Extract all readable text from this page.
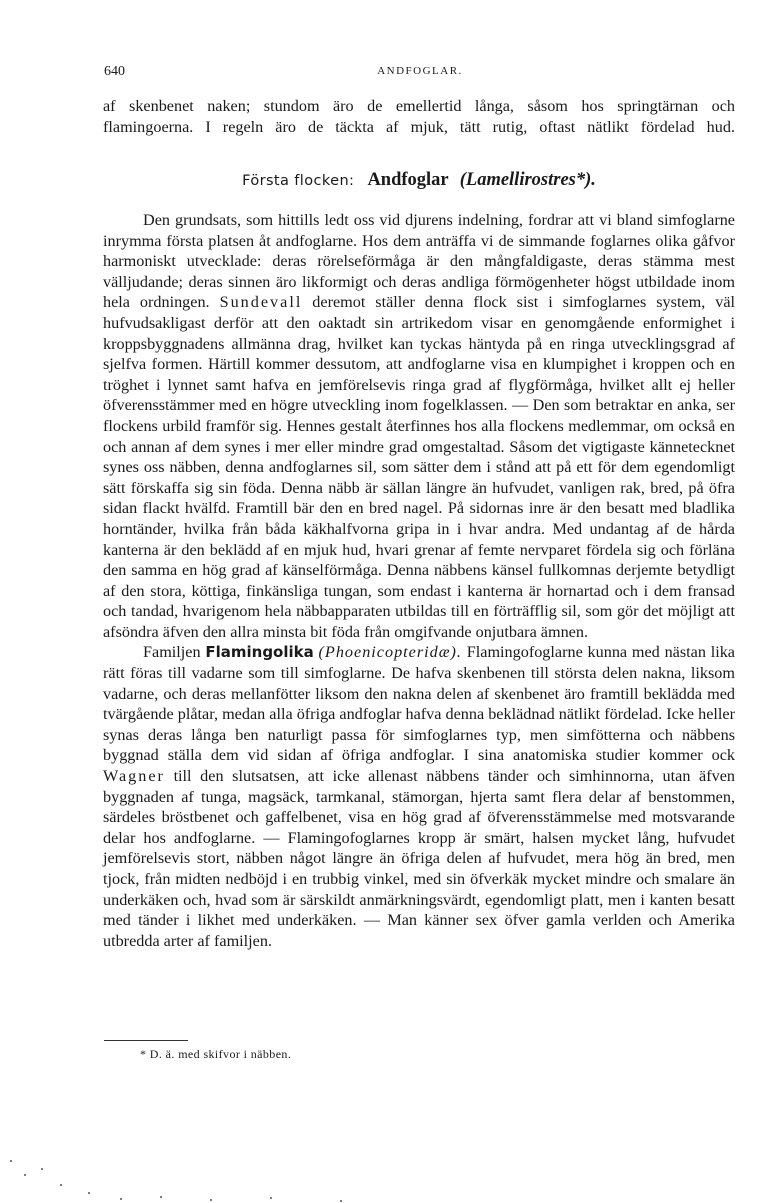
640	ANDFOGLAR.

af skenbenet naken; stundom äro de emellertid långa, såsom hos springtärnan och

flamingoerna. I regeln äro de täckta af mjuk, tätt rutig, oftast nätlikt fördelad hud.

Första flocken: Andfoglar (Lamellirostres*).

Den grundsats, som hittills ledt oss vid djurens indelning, fordrar att vi bland simfoglarne inrymma första platsen åt andfoglarne. Hos dem anträffa vi de simmande foglarnes olika gåfvor harmoniskt utvecklade: deras rörelseförmåga är den mångfaldigaste, deras stämma mest välljudande; deras sinnen äro likformigt och deras andliga förmögenheter högst utbildade inom hela ordningen. Sundevall deremot ställer denna flock sist i simfoglarnes system, väl hufvudsakligast derför att den oaktadt sin artrikedom visar en genomgående enformighet i kroppsbyggnadens allmänna drag, hvilket kan tyckas häntyda på en ringa utvecklingsgrad af sjelfva formen. Härtill kommer dessutom, att andfoglarne visa en klumpighet i kroppen och en tröghet i lynnet samt hafva en jemförelsevis ringa grad af flygförmåga, hvilket allt ej heller öfverensstämmer med en högre utveckling inom fogelklassen. — Den som betraktar en anka, ser flockens urbild framför sig. Hennes gestalt återfinnes hos alla flockens medlemmar, om också en och annan af dem synes i mer eller mindre grad omgestaltad. Såsom det vigtigaste kännetecknet synes oss näbben, denna andfoglarnes sil, som sätter dem i stånd att på ett för dem egendomligt sätt förskaffa sig sin föda. Denna näbb är sällan längre än hufvudet, vanligen rak, bred, på öfra sidan flackt hvälfd. Framtill bär den en bred nagel. På sidornas inre är den besatt med bladlika horntänder, hvilka från båda käkhalfvorna gripa in i hvar andra. Med undantag af de hårda kanterna är den beklädd af en mjuk hud, hvari grenar af femte nervparet fördela sig och förläna den samma en hög grad af känselförmåga. Denna näbbens känsel fullkomnas derjemte betydligt af den stora, köttiga, finkänsliga tungan, som endast i kanterna är hornartad och i dem fransad och tandad, hvarigenom hela näbbapparaten utbildas till en förträfflig sil, som gör det möjligt att afsöndra äfven den allra minsta bit föda från omgifvande onjutbara ämnen.

Familjen Flamingolika (Phoenicopteridæ). Flamingofoglarne kunna med nästan lika rätt föras till vadarne som till simfoglarne. De hafva skenbenen till största delen nakna, liksom vadarne, och deras mellanfötter liksom den nakna delen af skenbenet äro framtill beklädda med tvärgående plåtar, medan alla öfriga andfoglar hafva denna beklädnad nätlikt fördelad. Icke heller synas deras långa ben naturligt passa för simfoglarnes typ, men simfötterna och näbbens byggnad ställa dem vid sidan af öfriga andfoglar. I sina anatomiska studier kommer ock Wagner till den slutsatsen, att icke allenast näbbens tänder och simhinnorna, utan äfven byggnaden af tunga, magsäck, tarmkanal, stämorgan, hjerta samt flera delar af benstommen, särdeles bröstbenet och gaffelbenet, visa en hög grad af öfverensstämmelse med motsvarande delar hos andfoglarne. — Flamingofoglarnes kropp är smärt, halsen mycket lång, hufvudet jemförelsevis stort, näbben något längre än öfriga delen af hufvudet, mera hög än bred, men tjock, från midten nedböjd i en trubbig vinkel, med sin öfverkäk mycket mindre och smalare än underkäken och, hvad som är särskildt anmärkningsvärdt, egendomligt platt, men i kanten besatt med tänder i likhet med underkäken. — Man känner sex öfver gamla verlden och Amerika utbredda arter af familjen.

* D. ä. med skifvor i näbben.
